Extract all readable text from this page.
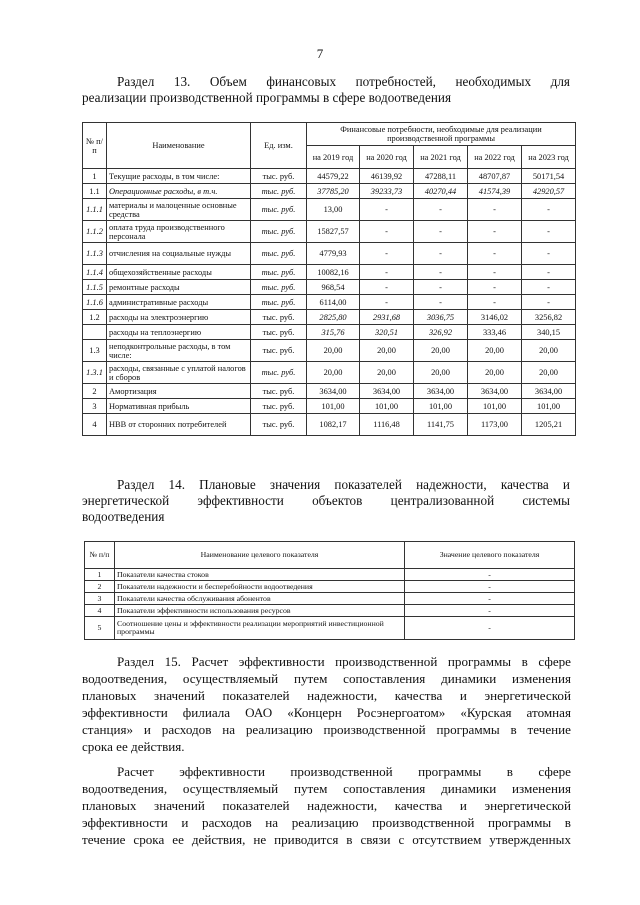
7
Раздел 13. Объем финансовых потребностей, необходимых для
реализации производственной программы в сфере водоотведения
№ п/п	Наименование	Ед. изм.	Финансовые потребности, необходимые для реализации производственной программы				
			на 2019 год	на 2020 год	на 2021 год	на 2022 год	на 2023 год
1	Текущие расходы, в том числе:	тыс. руб.	44579,22	46139,92	47288,11	48707,87	50171,54
1.1	Операционные расходы, в т.ч.	тыс. руб.	37785,20	39233,73	40270,44	41574,39	42920,57
1.1.1	материалы и малоценные основные средства	тыс. руб.	13,00	-	-	-	-
1.1.2	оплата труда производственного персонала	тыс. руб.	15827,57	-	-	-	-
1.1.3	отчисления на социальные нужды	тыс. руб.	4779,93	-	-	-	-
1.1.4	общехозяйственные расходы	тыс. руб.	10082,16	-	-	-	-
1.1.5	ремонтные расходы	тыс. руб.	968,54	-	-	-	-
1.1.6	административные расходы	тыс. руб.	6114,00	-	-	-	-
1.2	расходы на электроэнергию	тыс. руб.	2825,80	2931,68	3036,75	3146,02	3256,82
	расходы на теплоэнергию	тыс. руб.	315,76	320,51	326,92	333,46	340,15
1.3	неподконтрольные расходы, в том числе:	тыс. руб.	20,00	20,00	20,00	20,00	20,00
1.3.1	расходы, связанные с уплатой налогов и сборов	тыс. руб.	20,00	20,00	20,00	20,00	20,00
2	Амортизация	тыс. руб.	3634,00	3634,00	3634,00	3634,00	3634,00
3	Нормативная прибыль	тыс. руб.	101,00	101,00	101,00	101,00	101,00
4	НВВ от сторонних потребителей	тыс. руб.	1082,17	1116,48	1141,75	1173,00	1205,21
Раздел 14. Плановые значения показателей надежности, качества и
энергетической эффективности объектов централизованной системы
водоотведения
№ п/п	Наименование целевого показателя	Значение целевого показателя
1	Показатели качества стоков	-
2	Показатели надежности и бесперебойности водоотведения	-
3	Показатели качества обслуживания абонентов	-
4	Показатели эффективности использования ресурсов	-
5	Соотношение цены и эффективности реализации мероприятий инвестиционной программы	-
Раздел 15. Расчет эффективности производственной программы в сфере
водоотведения, осуществляемый путем сопоставления динамики изменения
плановых значений показателей надежности, качества и энергетической
эффективности филиала ОАО «Концерн Росэнергоатом» «Курская атомная
станция» и расходов на реализацию производственной программы в течение
срока ее действия.
Расчет эффективности производственной программы в сфере
водоотведения, осуществляемый путем сопоставления динамики изменения
плановых значений показателей надежности, качества и энергетической
эффективности и расходов на реализацию производственной программы в
течение срока ее действия, не приводится в связи с отсутствием утвержденных
